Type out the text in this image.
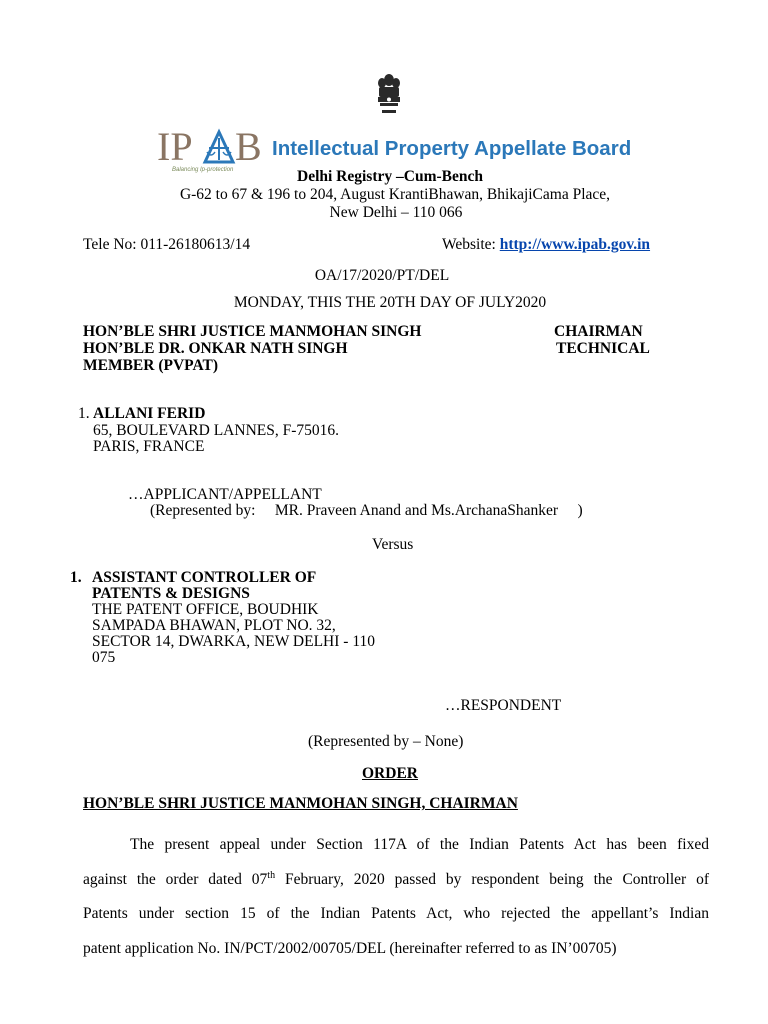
IP B
Balancing Ip-protection
Intellectual Property Appellate Board
Delhi Registry –Cum-Bench
G-62 to 67 & 196 to 204, August KrantiBhawan, BhikajiCama Place,
New Delhi – 110 066
Tele No: 011-26180613/14	Website: http://www.ipab.gov.in
OA/17/2020/PT/DEL
MONDAY, THIS THE 20TH DAY OF JULY2020
HON’BLE SHRI JUSTICE MANMOHAN SINGH	CHAIRMAN
HON’BLE DR. ONKAR NATH SINGH	TECHNICAL
MEMBER (PVPAT)
1. ALLANI FERID
65, BOULEVARD LANNES, F-75016.
PARIS, FRANCE
…APPLICANT/APPELLANT
(Represented by:     MR. Praveen Anand and Ms.ArchanaShanker     )
Versus
1. ASSISTANT CONTROLLER OF
PATENTS & DESIGNS
THE PATENT OFFICE, BOUDHIK
SAMPADA BHAWAN, PLOT NO. 32,
SECTOR 14, DWARKA, NEW DELHI - 110
075
…RESPONDENT
(Represented by – None)
ORDER
HON’BLE SHRI JUSTICE MANMOHAN SINGH, CHAIRMAN
The present appeal under Section 117A of the Indian Patents Act has been fixed
against the order dated 07th February, 2020 passed by respondent being the Controller of
Patents under section 15 of the Indian Patents Act, who rejected the appellant’s Indian
patent application No. IN/PCT/2002/00705/DEL (hereinafter referred to as IN’00705)
